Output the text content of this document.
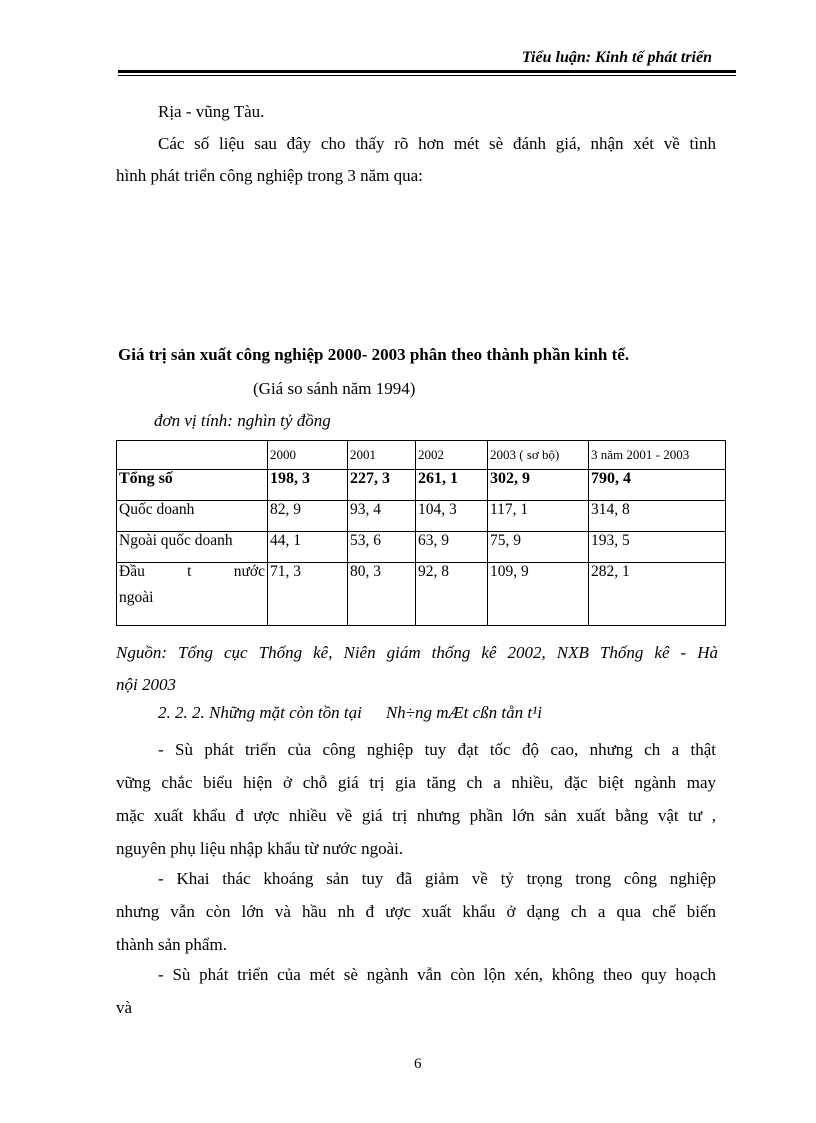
Tiểu luận: Kinh tế phát triển

Rịa - vũng Tàu.

Các số liệu sau đây cho thấy rõ hơn mét sè đánh giá, nhận xét về tình

hình phát triển công nghiệp trong 3 năm qua:

Giá trị sản xuất công nghiệp 2000- 2003 phân theo thành phần kinh tế.
(Giá so sánh năm 1994)
đơn vị tính: nghìn tỷ đồng
	2000	2001	2002	2003 ( sơ bộ)	3 năm 2001 - 2003
Tổng số	198, 3	227, 3	261, 1	302, 9	790, 4
Quốc doanh	82, 9	93, 4	104, 3	117, 1	314, 8
Ngoài quốc doanh	44, 1	53, 6	63, 9	75, 9	193, 5

Đầu t nước
ngoài	71, 3	80, 3	92, 8	109, 9	282, 1
Nguồn: Tổng cục Thống kê, Niên giám thống kê 2002, NXB Thống kê - Hà
nội 2003
2. 2. 2. Những mặt còn tồn tại Nh÷ng mÆt cßn tån t¹i

- Sù phát triển của công nghiệp tuy đạt tốc độ cao, nhưng ch a thật

vững chắc biểu hiện ở chỗ giá trị gia tăng ch a nhiều, đặc biệt ngành may

mặc xuất khẩu đ ược nhiều về giá trị nhưng phần lớn sản xuất bằng vật tư ,

nguyên phụ liệu nhập khẩu từ nước ngoài.

- Khai thác khoáng sản tuy đã giảm về tỷ trọng trong công nghiệp

nhưng vẫn còn lớn và hầu nh đ ược xuất khẩu ở dạng ch a qua chế biến

thành sản phẩm.

- Sù phát triển của mét sè ngành vẫn còn lộn xén, không theo quy hoạch

và

6
